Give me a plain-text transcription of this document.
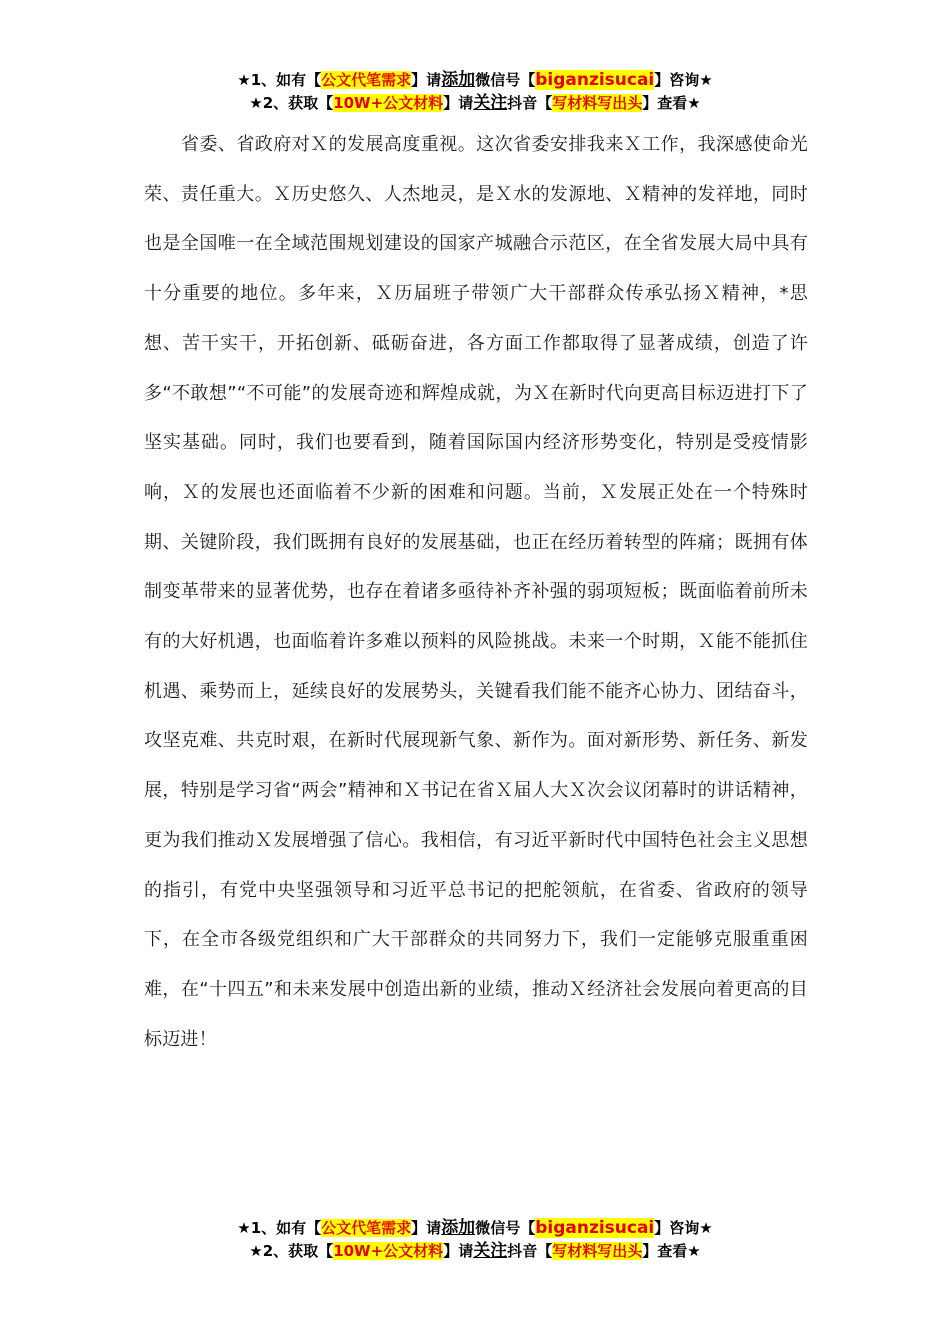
★1、如有【公文代笔需求】请添加微信号【biganzisucai】咨询★
★2、获取【10W+公文材料】请关注抖音【写材料写出头】查看★

省委、省政府对Ｘ的发展高度重视。这次省委安排我来Ｘ工作，我深感使命光荣、责任重大。Ｘ历史悠久、人杰地灵，是Ｘ水的发源地、Ｘ精神的发祥地，同时也是全国唯一在全域范围规划建设的国家产城融合示范区，在全省发展大局中具有十分重要的地位。多年来，Ｘ历届班子带领广大干部群众传承弘扬Ｘ精神，*思想、苦干实干，开拓创新、砥砺奋进，各方面工作都取得了显著成绩，创造了许多“不敢想”“不可能”的发展奇迹和辉煌成就，为Ｘ在新时代向更高目标迈进打下了坚实基础。同时，我们也要看到，随着国际国内经济形势变化，特别是受疫情影响，Ｘ的发展也还面临着不少新的困难和问题。当前，Ｘ发展正处在一个特殊时期、关键阶段，我们既拥有良好的发展基础，也正在经历着转型的阵痛；既拥有体制变革带来的显著优势，也存在着诸多亟待补齐补强的弱项短板；既面临着前所未有的大好机遇，也面临着许多难以预料的风险挑战。未来一个时期，Ｘ能不能抓住机遇、乘势而上，延续良好的发展势头，关键看我们能不能齐心协力、团结奋斗，攻坚克难、共克时艰，在新时代展现新气象、新作为。面对新形势、新任务、新发展，特别是学习省“两会”精神和Ｘ书记在省Ｘ届人大Ｘ次会议闭幕时的讲话精神，更为我们推动Ｘ发展增强了信心。我相信，有习近平新时代中国特色社会主义思想的指引，有党中央坚强领导和习近平总书记的把舵领航，在省委、省政府的领导下，在全市各级党组织和广大干部群众的共同努力下，我们一定能够克服重重困难，在“十四五”和未来发展中创造出新的业绩，推动Ｘ经济社会发展向着更高的目标迈进！

★1、如有【公文代笔需求】请添加微信号【biganzisucai】咨询★
★2、获取【10W+公文材料】请关注抖音【写材料写出头】查看★
